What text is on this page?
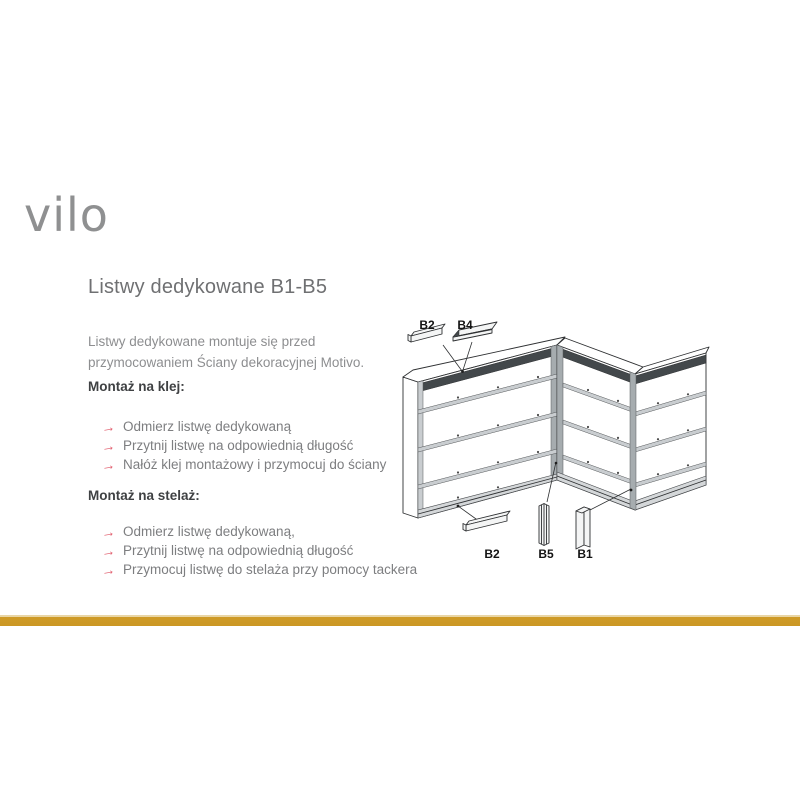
vilo
Listwy dedykowane B1-B5
Listwy dedykowane montuje się przed przymocowaniem Ściany dekoracyjnej Motivo.
Montaż na klej:
→ Odmierz listwę dedykowaną
→ Przytnij listwę na odpowiednią długość
→ Nałóż klej montażowy i przymocuj do ściany
Montaż na stelaż:
→ Odmierz listwę dedykowaną,
→ Przytnij listwę na odpowiednią długość
→ Przymocuj listwę do stelaża przy pomocy tackera
B2 B4
B2	B5 B1
